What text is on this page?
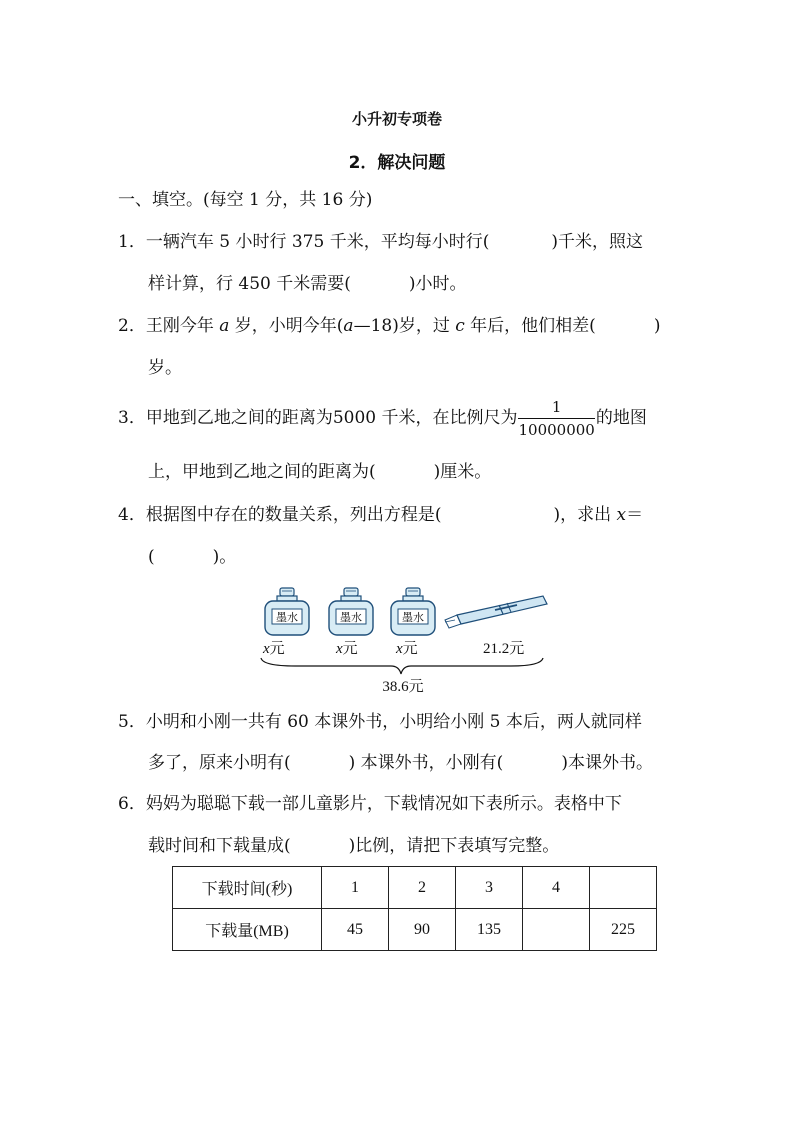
小升初专项卷
2．解决问题
一、填空。(每空 1 分，共 16 分)
1．一辆汽车 5 小时行 375 千米，平均每小时行(	)千米，照这
样计算，行 450 千米需要(	)小时。
2．王刚今年 a 岁，小明今年(a—18)岁，过 c 年后，他们相差(	)
岁。
3．甲地到乙地之间的距离为5000 千米，在比例尺为 $\frac{1}{10000000}$ 的地图
上，甲地到乙地之间的距离为(	)厘米。
4．根据图中存在的数量关系，列出方程是(	)，求出 x＝
(	)。
墨水	墨水	墨水
x元	x元	x元	21.2元
38.6元
5．小明和小刚一共有 60 本课外书，小明给小刚 5 本后，两人就同样
多了，原来小明有(	) 本课外书，小刚有(	)本课外书。
6．妈妈为聪聪下载一部儿童影片，下载情况如下表所示。表格中下
载时间和下载量成(	)比例，请把下表填写完整。
下载时间(秒)	1	2	3	4	
下载量(MB)	45	90	135		225
